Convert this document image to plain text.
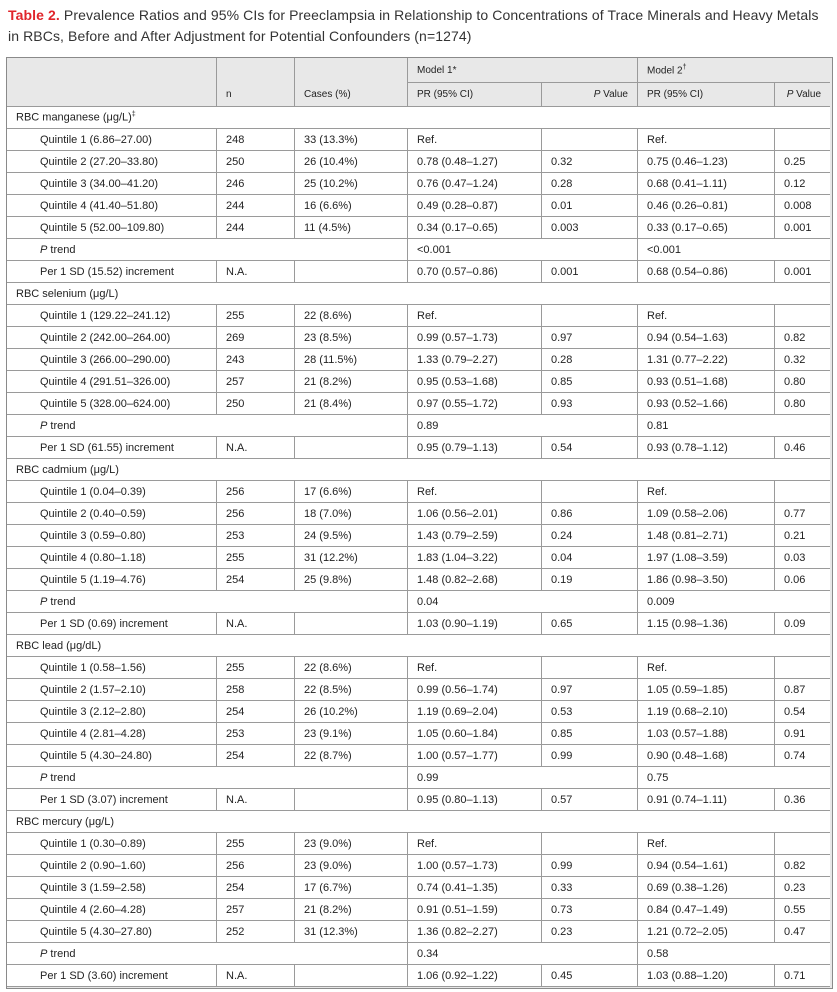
Table 2. Prevalence Ratios and 95% CIs for Preeclampsia in Relationship to Concentrations of Trace Minerals and Heavy Metals in RBCs, Before and After Adjustment for Potential Confounders (n=1274)
			Model 1*		Model 2†
	n	Cases (%)	PR (95% CI)	P Value	PR (95% CI)	P Value
RBC manganese (μg/L)‡
Quintile 1 (6.86–27.00)	248	33 (13.3%)	Ref.		Ref.	
Quintile 2 (27.20–33.80)	250	26 (10.4%)	0.78 (0.48–1.27)	0.32	0.75 (0.46–1.23)	0.25
Quintile 3 (34.00–41.20)	246	25 (10.2%)	0.76 (0.47–1.24)	0.28	0.68 (0.41–1.11)	0.12
Quintile 4 (41.40–51.80)	244	16 (6.6%)	0.49 (0.28–0.87)	0.01	0.46 (0.26–0.81)	0.008
Quintile 5 (52.00–109.80)	244	11 (4.5%)	0.34 (0.17–0.65)	0.003	0.33 (0.17–0.65)	0.001
P trend			<0.001		<0.001	
Per 1 SD (15.52) increment	N.A.		0.70 (0.57–0.86)	0.001	0.68 (0.54–0.86)	0.001
RBC selenium (μg/L)						
Quintile 1 (129.22–241.12)	255	22 (8.6%)	Ref.		Ref.	
Quintile 2 (242.00–264.00)	269	23 (8.5%)	0.99 (0.57–1.73)	0.97	0.94 (0.54–1.63)	0.82
Quintile 3 (266.00–290.00)	243	28 (11.5%)	1.33 (0.79–2.27)	0.28	1.31 (0.77–2.22)	0.32
Quintile 4 (291.51–326.00)	257	21 (8.2%)	0.95 (0.53–1.68)	0.85	0.93 (0.51–1.68)	0.80
Quintile 5 (328.00–624.00)	250	21 (8.4%)	0.97 (0.55–1.72)	0.93	0.93 (0.52–1.66)	0.80
P trend			0.89		0.81	
Per 1 SD (61.55) increment	N.A.		0.95 (0.79–1.13)	0.54	0.93 (0.78–1.12)	0.46
RBC cadmium (μg/L)						
Quintile 1 (0.04–0.39)	256	17 (6.6%)	Ref.		Ref.	
Quintile 2 (0.40–0.59)	256	18 (7.0%)	1.06 (0.56–2.01)	0.86	1.09 (0.58–2.06)	0.77
Quintile 3 (0.59–0.80)	253	24 (9.5%)	1.43 (0.79–2.59)	0.24	1.48 (0.81–2.71)	0.21
Quintile 4 (0.80–1.18)	255	31 (12.2%)	1.83 (1.04–3.22)	0.04	1.97 (1.08–3.59)	0.03
Quintile 5 (1.19–4.76)	254	25 (9.8%)	1.48 (0.82–2.68)	0.19	1.86 (0.98–3.50)	0.06
P trend			0.04		0.009	
Per 1 SD (0.69) increment	N.A.		1.03 (0.90–1.19)	0.65	1.15 (0.98–1.36)	0.09
RBC lead (μg/dL)						
Quintile 1 (0.58–1.56)	255	22 (8.6%)	Ref.		Ref.	
Quintile 2 (1.57–2.10)	258	22 (8.5%)	0.99 (0.56–1.74)	0.97	1.05 (0.59–1.85)	0.87
Quintile 3 (2.12–2.80)	254	26 (10.2%)	1.19 (0.69–2.04)	0.53	1.19 (0.68–2.10)	0.54
Quintile 4 (2.81–4.28)	253	23 (9.1%)	1.05 (0.60–1.84)	0.85	1.03 (0.57–1.88)	0.91
Quintile 5 (4.30–24.80)	254	22 (8.7%)	1.00 (0.57–1.77)	0.99	0.90 (0.48–1.68)	0.74
P trend			0.99		0.75	
Per 1 SD (3.07) increment	N.A.		0.95 (0.80–1.13)	0.57	0.91 (0.74–1.11)	0.36
RBC mercury (μg/L)						
Quintile 1 (0.30–0.89)	255	23 (9.0%)	Ref.		Ref.	
Quintile 2 (0.90–1.60)	256	23 (9.0%)	1.00 (0.57–1.73)	0.99	0.94 (0.54–1.61)	0.82
Quintile 3 (1.59–2.58)	254	17 (6.7%)	0.74 (0.41–1.35)	0.33	0.69 (0.38–1.26)	0.23
Quintile 4 (2.60–4.28)	257	21 (8.2%)	0.91 (0.51–1.59)	0.73	0.84 (0.47–1.49)	0.55
Quintile 5 (4.30–27.80)	252	31 (12.3%)	1.36 (0.82–2.27)	0.23	1.21 (0.72–2.05)	0.47
P trend			0.34		0.58	
Per 1 SD (3.60) increment	N.A.		1.06 (0.92–1.22)	0.45	1.03 (0.88–1.20)	0.71
